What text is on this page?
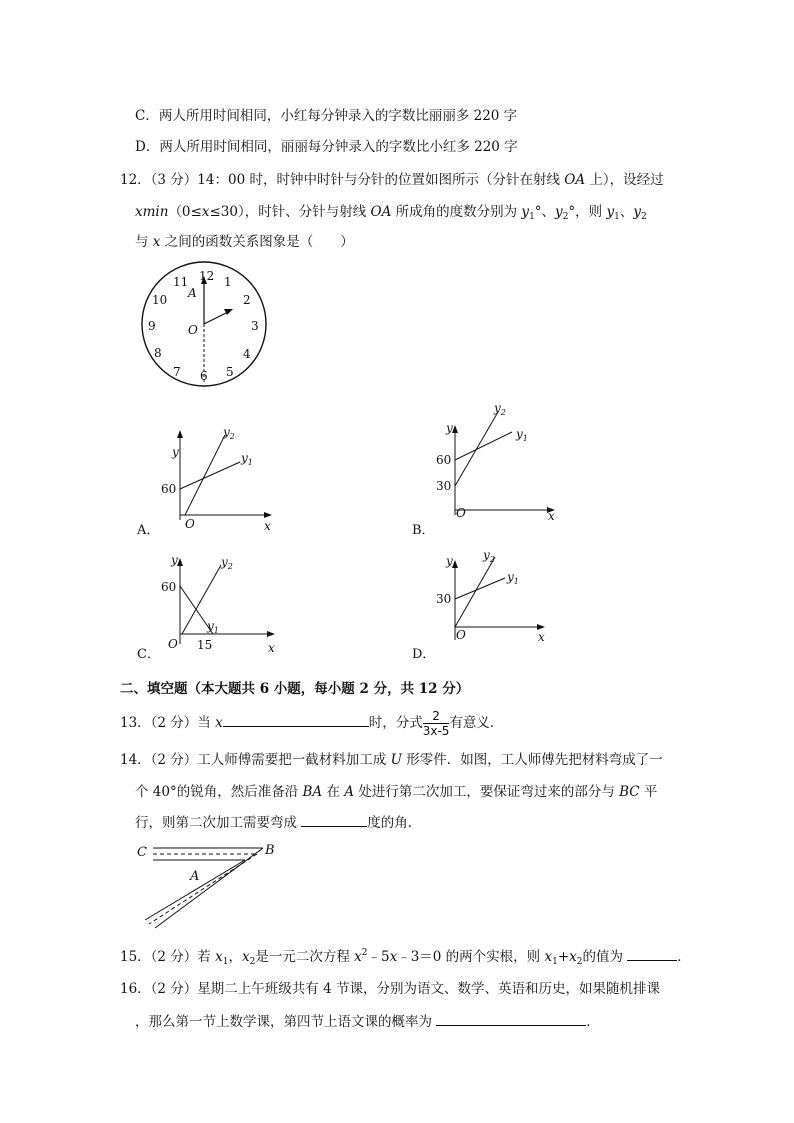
C．两人所用时间相同，小红每分钟录入的字数比丽丽多 220 字
D．两人所用时间相同，丽丽每分钟录入的字数比小红多 220 字
12．（3 分）14：00 时，时钟中时针与分针的位置如图所示（分针在射线 OA 上），设经过
xmin（0≤x≤30），时针、分针与射线 OA 所成角的度数分别为 $y_1^\circ$、$y_2^\circ$，则 $y_1$、$y_2$
与 x 之间的函数关系图象是（　　）
12 1
2
3
4
5
6
7
8
9
10
11
A
O
A．
y
x
O
60
$y_2$
$y_1$
B．
y
x
O
60
30
$y_2$
$y_1$
C．
y
x
O
60
15
$y_2$
$y_1$
D．
y
x
O
30
$y_2$
$y_1$
二、填空题（本大题共 6 小题，每小题 2 分，共 12 分）
13．（2 分）当 x	时，分式 $\frac{2}{3x-5}$ 有意义．
14．（2 分）工人师傅需要把一截材料加工成 U 形零件．如图，工人师傅先把材料弯成了一
个 40°的锐角，然后准备沿 BA 在 A 处进行第二次加工，要保证弯过来的部分与 BC 平
行，则第二次加工需要弯成	度的角．
C	B
A
15．（2 分）若 $x_1$，$x_2$是一元二次方程 $x^2﹣5x﹣3=0$ 的两个实根，则 $x_1+x_2$的值为	．
16．（2 分）星期二上午班级共有 4 节课，分别为语文、数学、英语和历史，如果随机排课
，那么第一节上数学课，第四节上语文课的概率为	．
